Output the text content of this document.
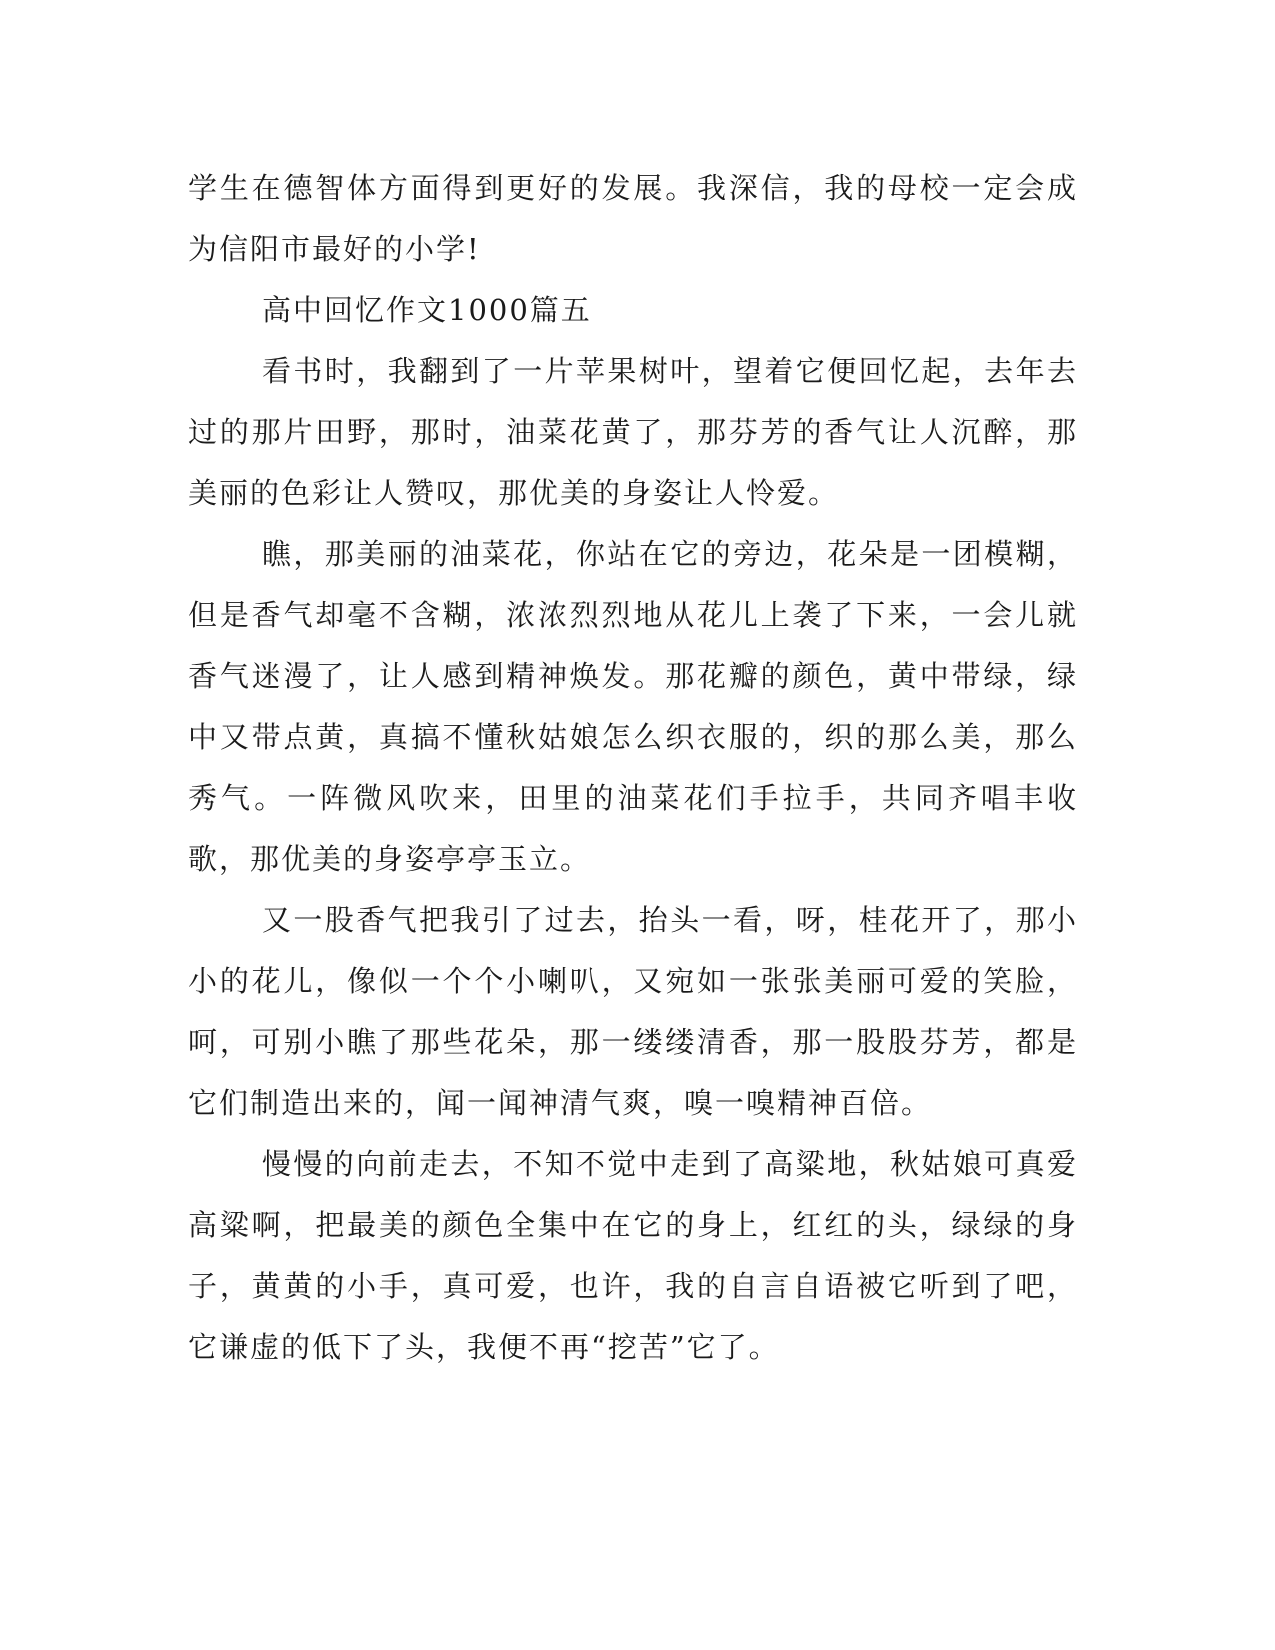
学生在德智体方面得到更好的发展。我深信，我的母校一定会成为信阳市最好的小学!

高中回忆作文1000篇五

看书时，我翻到了一片苹果树叶，望着它便回忆起，去年去过的那片田野，那时，油菜花黄了，那芬芳的香气让人沉醉，那美丽的色彩让人赞叹，那优美的身姿让人怜爱。

瞧，那美丽的油菜花，你站在它的旁边，花朵是一团模糊，但是香气却毫不含糊，浓浓烈烈地从花儿上袭了下来，一会儿就香气迷漫了，让人感到精神焕发。那花瓣的颜色，黄中带绿，绿中又带点黄，真搞不懂秋姑娘怎么织衣服的，织的那么美，那么秀气。一阵微风吹来，田里的油菜花们手拉手，共同齐唱丰收歌，那优美的身姿亭亭玉立。

又一股香气把我引了过去，抬头一看，呀，桂花开了，那小小的花儿，像似一个个小喇叭，又宛如一张张美丽可爱的笑脸，呵，可别小瞧了那些花朵，那一缕缕清香，那一股股芬芳，都是它们制造出来的，闻一闻神清气爽，嗅一嗅精神百倍。

慢慢的向前走去，不知不觉中走到了高粱地，秋姑娘可真爱高粱啊，把最美的颜色全集中在它的身上，红红的头，绿绿的身子，黄黄的小手，真可爱，也许，我的自言自语被它听到了吧，它谦虚的低下了头，我便不再“挖苦”它了。
